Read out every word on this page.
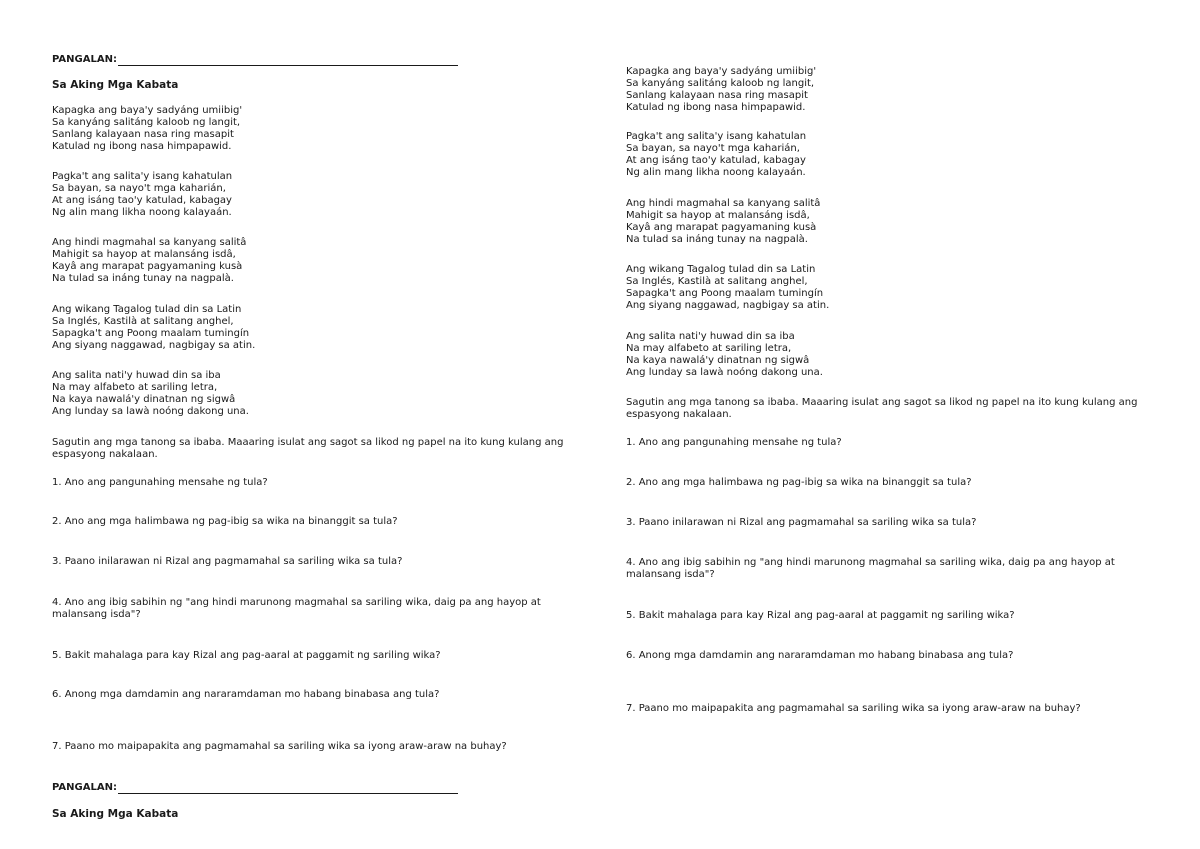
PANGALAN:
Sa Aking Mga Kabata
Kapagka ang baya'y sadyáng umiibig'
Sa kanyáng salitáng kaloob ng langit,
Sanlang kalayaan nasa ring masapit
Katulad ng ibong nasa himpapawid.
Pagka't ang salita'y isang kahatulan
Sa bayan, sa nayo't mga kaharián,
At ang isáng tao'y katulad, kabagay
Ng alin mang likha noong kalayaán.
Ang hindi magmahal sa kanyang salitâ
Mahigit sa hayop at malansáng isdâ,
Kayâ ang marapat pagyamaning kusà
Na tulad sa ináng tunay na nagpalà.
Ang wikang Tagalog tulad din sa Latin
Sa Inglés, Kastilà at salitang anghel,
Sapagka't ang Poong maalam tumingín
Ang siyang naggawad, nagbigay sa atin.
Ang salita nati'y huwad din sa iba
Na may alfabeto at sariling letra,
Na kaya nawalá'y dinatnan ng sigwâ
Ang lunday sa lawà noóng dakong una.
Sagutin ang mga tanong sa ibaba. Maaaring isulat ang sagot sa likod ng papel na ito kung kulang ang espasyong nakalaan.
1. Ano ang pangunahing mensahe ng tula?
2. Ano ang mga halimbawa ng pag-ibig sa wika na binanggit sa tula?
3. Paano inilarawan ni Rizal ang pagmamahal sa sariling wika sa tula?
4. Ano ang ibig sabihin ng "ang hindi marunong magmahal sa sariling wika, daig pa ang hayop at malansang isda"?
5. Bakit mahalaga para kay Rizal ang pag-aaral at paggamit ng sariling wika?
6. Anong mga damdamin ang nararamdaman mo habang binabasa ang tula?
7. Paano mo maipapakita ang pagmamahal sa sariling wika sa iyong araw-araw na buhay?
PANGALAN:
Sa Aking Mga Kabata
Kapagka ang baya'y sadyáng umiibig'
Sa kanyáng salitáng kaloob ng langit,
Sanlang kalayaan nasa ring masapit
Katulad ng ibong nasa himpapawid.
Pagka't ang salita'y isang kahatulan
Sa bayan, sa nayo't mga kaharián,
At ang isáng tao'y katulad, kabagay
Ng alin mang likha noong kalayaán.
Ang hindi magmahal sa kanyang salitâ
Mahigit sa hayop at malansáng isdâ,
Kayâ ang marapat pagyamaning kusà
Na tulad sa ináng tunay na nagpalà.
Ang wikang Tagalog tulad din sa Latin
Sa Inglés, Kastilà at salitang anghel,
Sapagka't ang Poong maalam tumingín
Ang siyang naggawad, nagbigay sa atin.
Ang salita nati'y huwad din sa iba
Na may alfabeto at sariling letra,
Na kaya nawalá'y dinatnan ng sigwâ
Ang lunday sa lawà noóng dakong una.
Sagutin ang mga tanong sa ibaba. Maaaring isulat ang sagot sa likod ng papel na ito kung kulang ang espasyong nakalaan.
1. Ano ang pangunahing mensahe ng tula?
2. Ano ang mga halimbawa ng pag-ibig sa wika na binanggit sa tula?
3. Paano inilarawan ni Rizal ang pagmamahal sa sariling wika sa tula?
4. Ano ang ibig sabihin ng "ang hindi marunong magmahal sa sariling wika, daig pa ang hayop at malansang isda"?
5. Bakit mahalaga para kay Rizal ang pag-aaral at paggamit ng sariling wika?
6. Anong mga damdamin ang nararamdaman mo habang binabasa ang tula?
7. Paano mo maipapakita ang pagmamahal sa sariling wika sa iyong araw-araw na buhay?
